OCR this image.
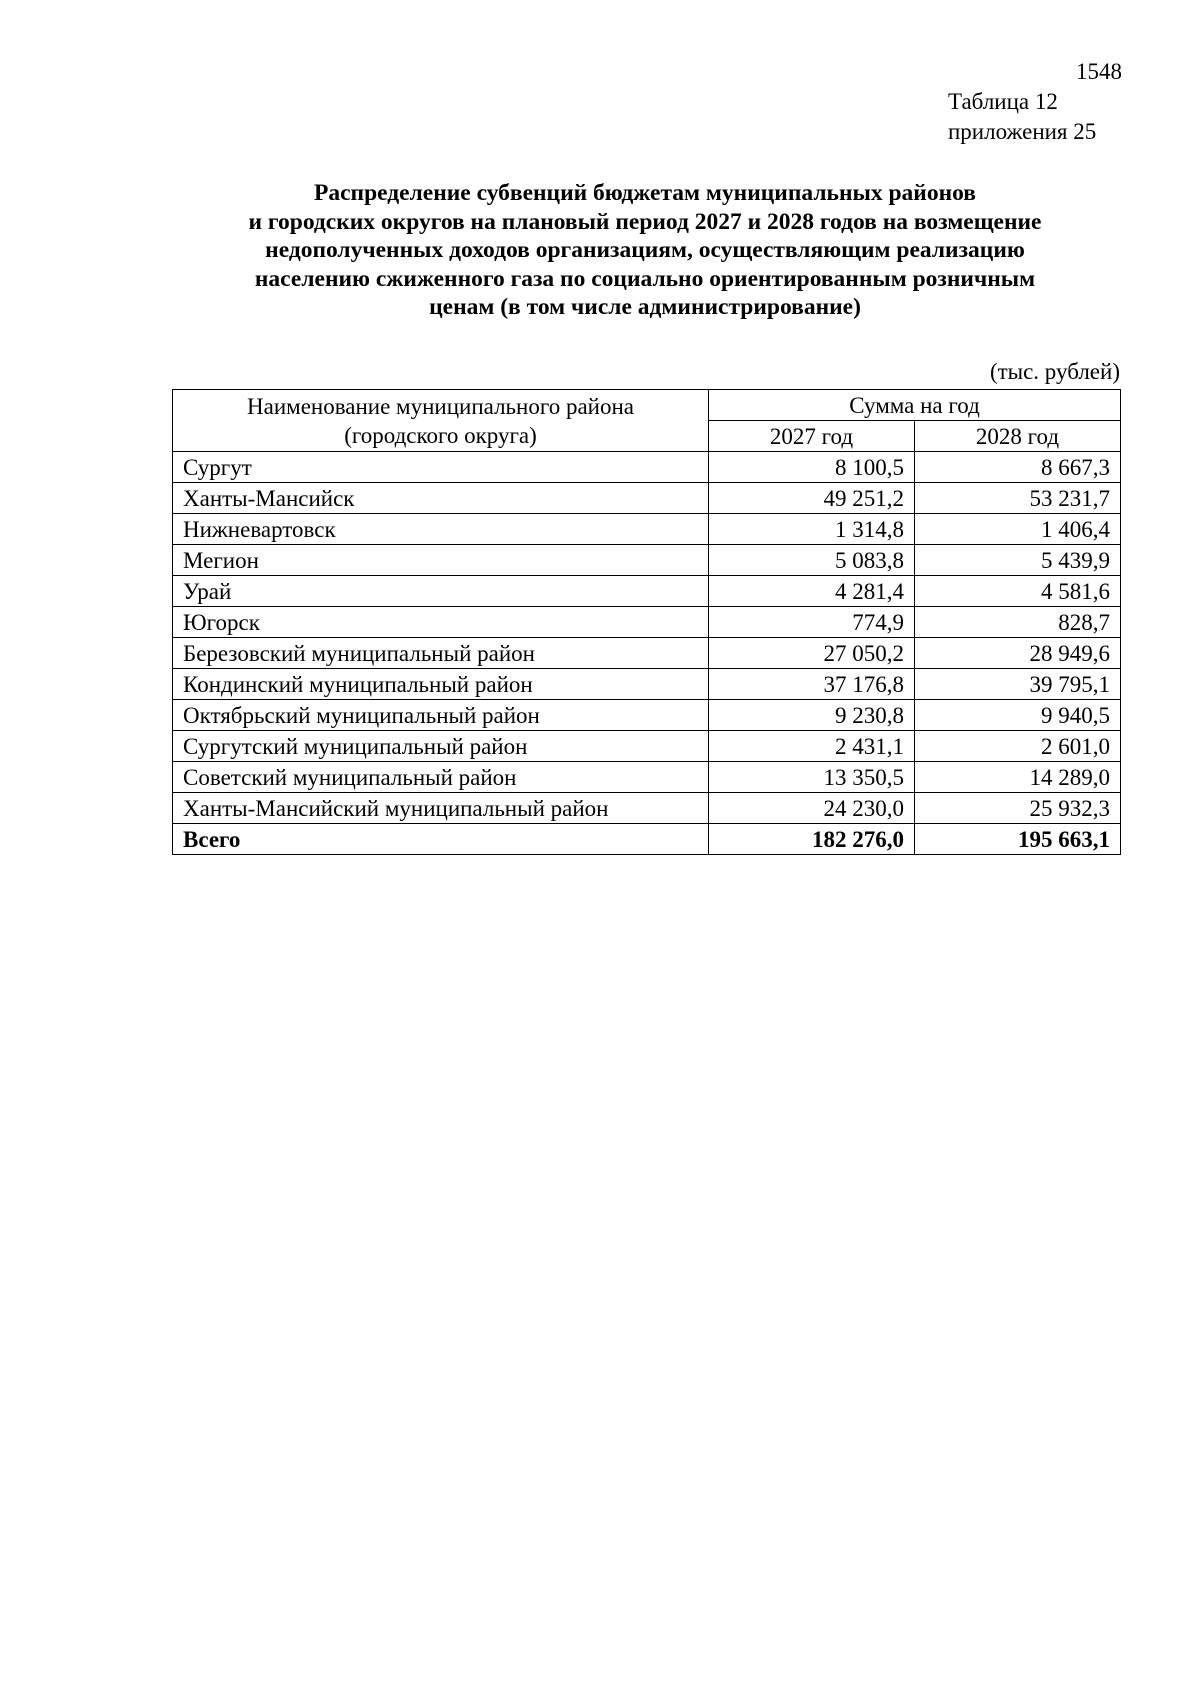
1548
Таблица 12
приложения 25
Распределение субвенций бюджетам муниципальных районов
и городских округов на плановый период 2027 и 2028 годов на возмещение
недополученных доходов организациям, осуществляющим реализацию
населению сжиженного газа по социально ориентированным розничным
ценам (в том числе администрирование)
(тыс. рублей)
Наименование муниципального района
(городского округа)	Сумма на год	
	2027 год	2028 год
Сургут	8 100,5	8 667,3
Ханты-Мансийск	49 251,2	53 231,7
Нижневартовск	1 314,8	1 406,4
Мегион	5 083,8	5 439,9
Урай	4 281,4	4 581,6
Югорск	774,9	828,7
Березовский муниципальный район	27 050,2	28 949,6
Кондинский муниципальный район	37 176,8	39 795,1
Октябрьский муниципальный район	9 230,8	9 940,5
Сургутский муниципальный район	2 431,1	2 601,0
Советский муниципальный район	13 350,5	14 289,0
Ханты-Мансийский муниципальный район	24 230,0	25 932,3
Всего	182 276,0	195 663,1
